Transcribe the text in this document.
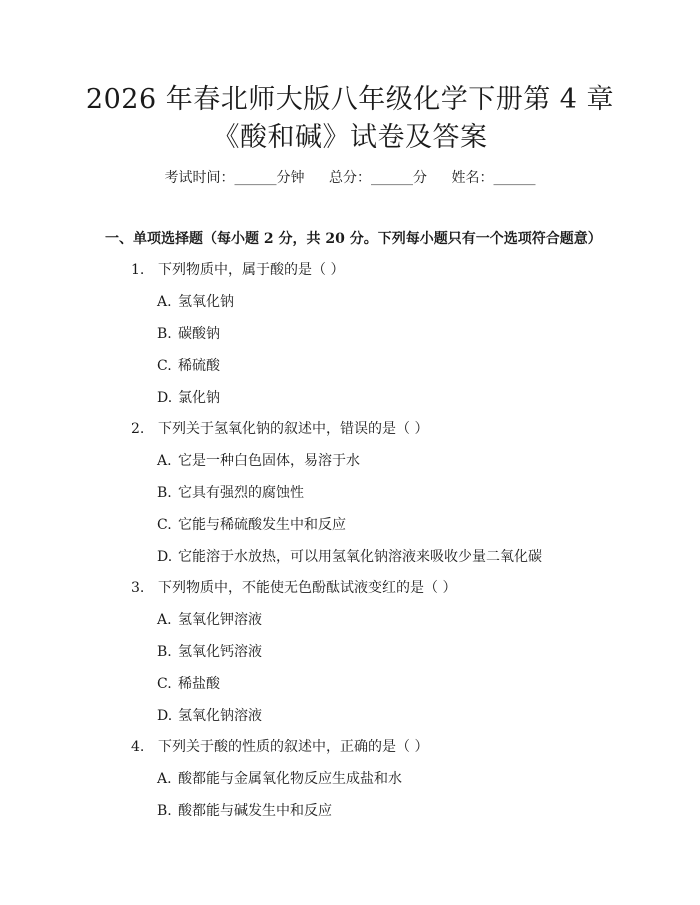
2026 年春北师大版八年级化学下册第 4 章
《酸和碱》试卷及答案
考试时间：______分钟 总分：______分 姓名：______
一、单项选择题（每小题 2 分，共 20 分。下列每小题只有一个选项符合题意）
1. 下列物质中，属于酸的是（ ）
A. 氢氧化钠
B. 碳酸钠
C. 稀硫酸
D. 氯化钠
2. 下列关于氢氧化钠的叙述中，错误的是（ ）
A. 它是一种白色固体，易溶于水
B. 它具有强烈的腐蚀性
C. 它能与稀硫酸发生中和反应
D. 它能溶于水放热，可以用氢氧化钠溶液来吸收少量二氧化碳
3. 下列物质中，不能使无色酚酞试液变红的是（ ）
A. 氢氧化钾溶液
B. 氢氧化钙溶液
C. 稀盐酸
D. 氢氧化钠溶液
4. 下列关于酸的性质的叙述中，正确的是（ ）
A. 酸都能与金属氧化物反应生成盐和水
B. 酸都能与碱发生中和反应
